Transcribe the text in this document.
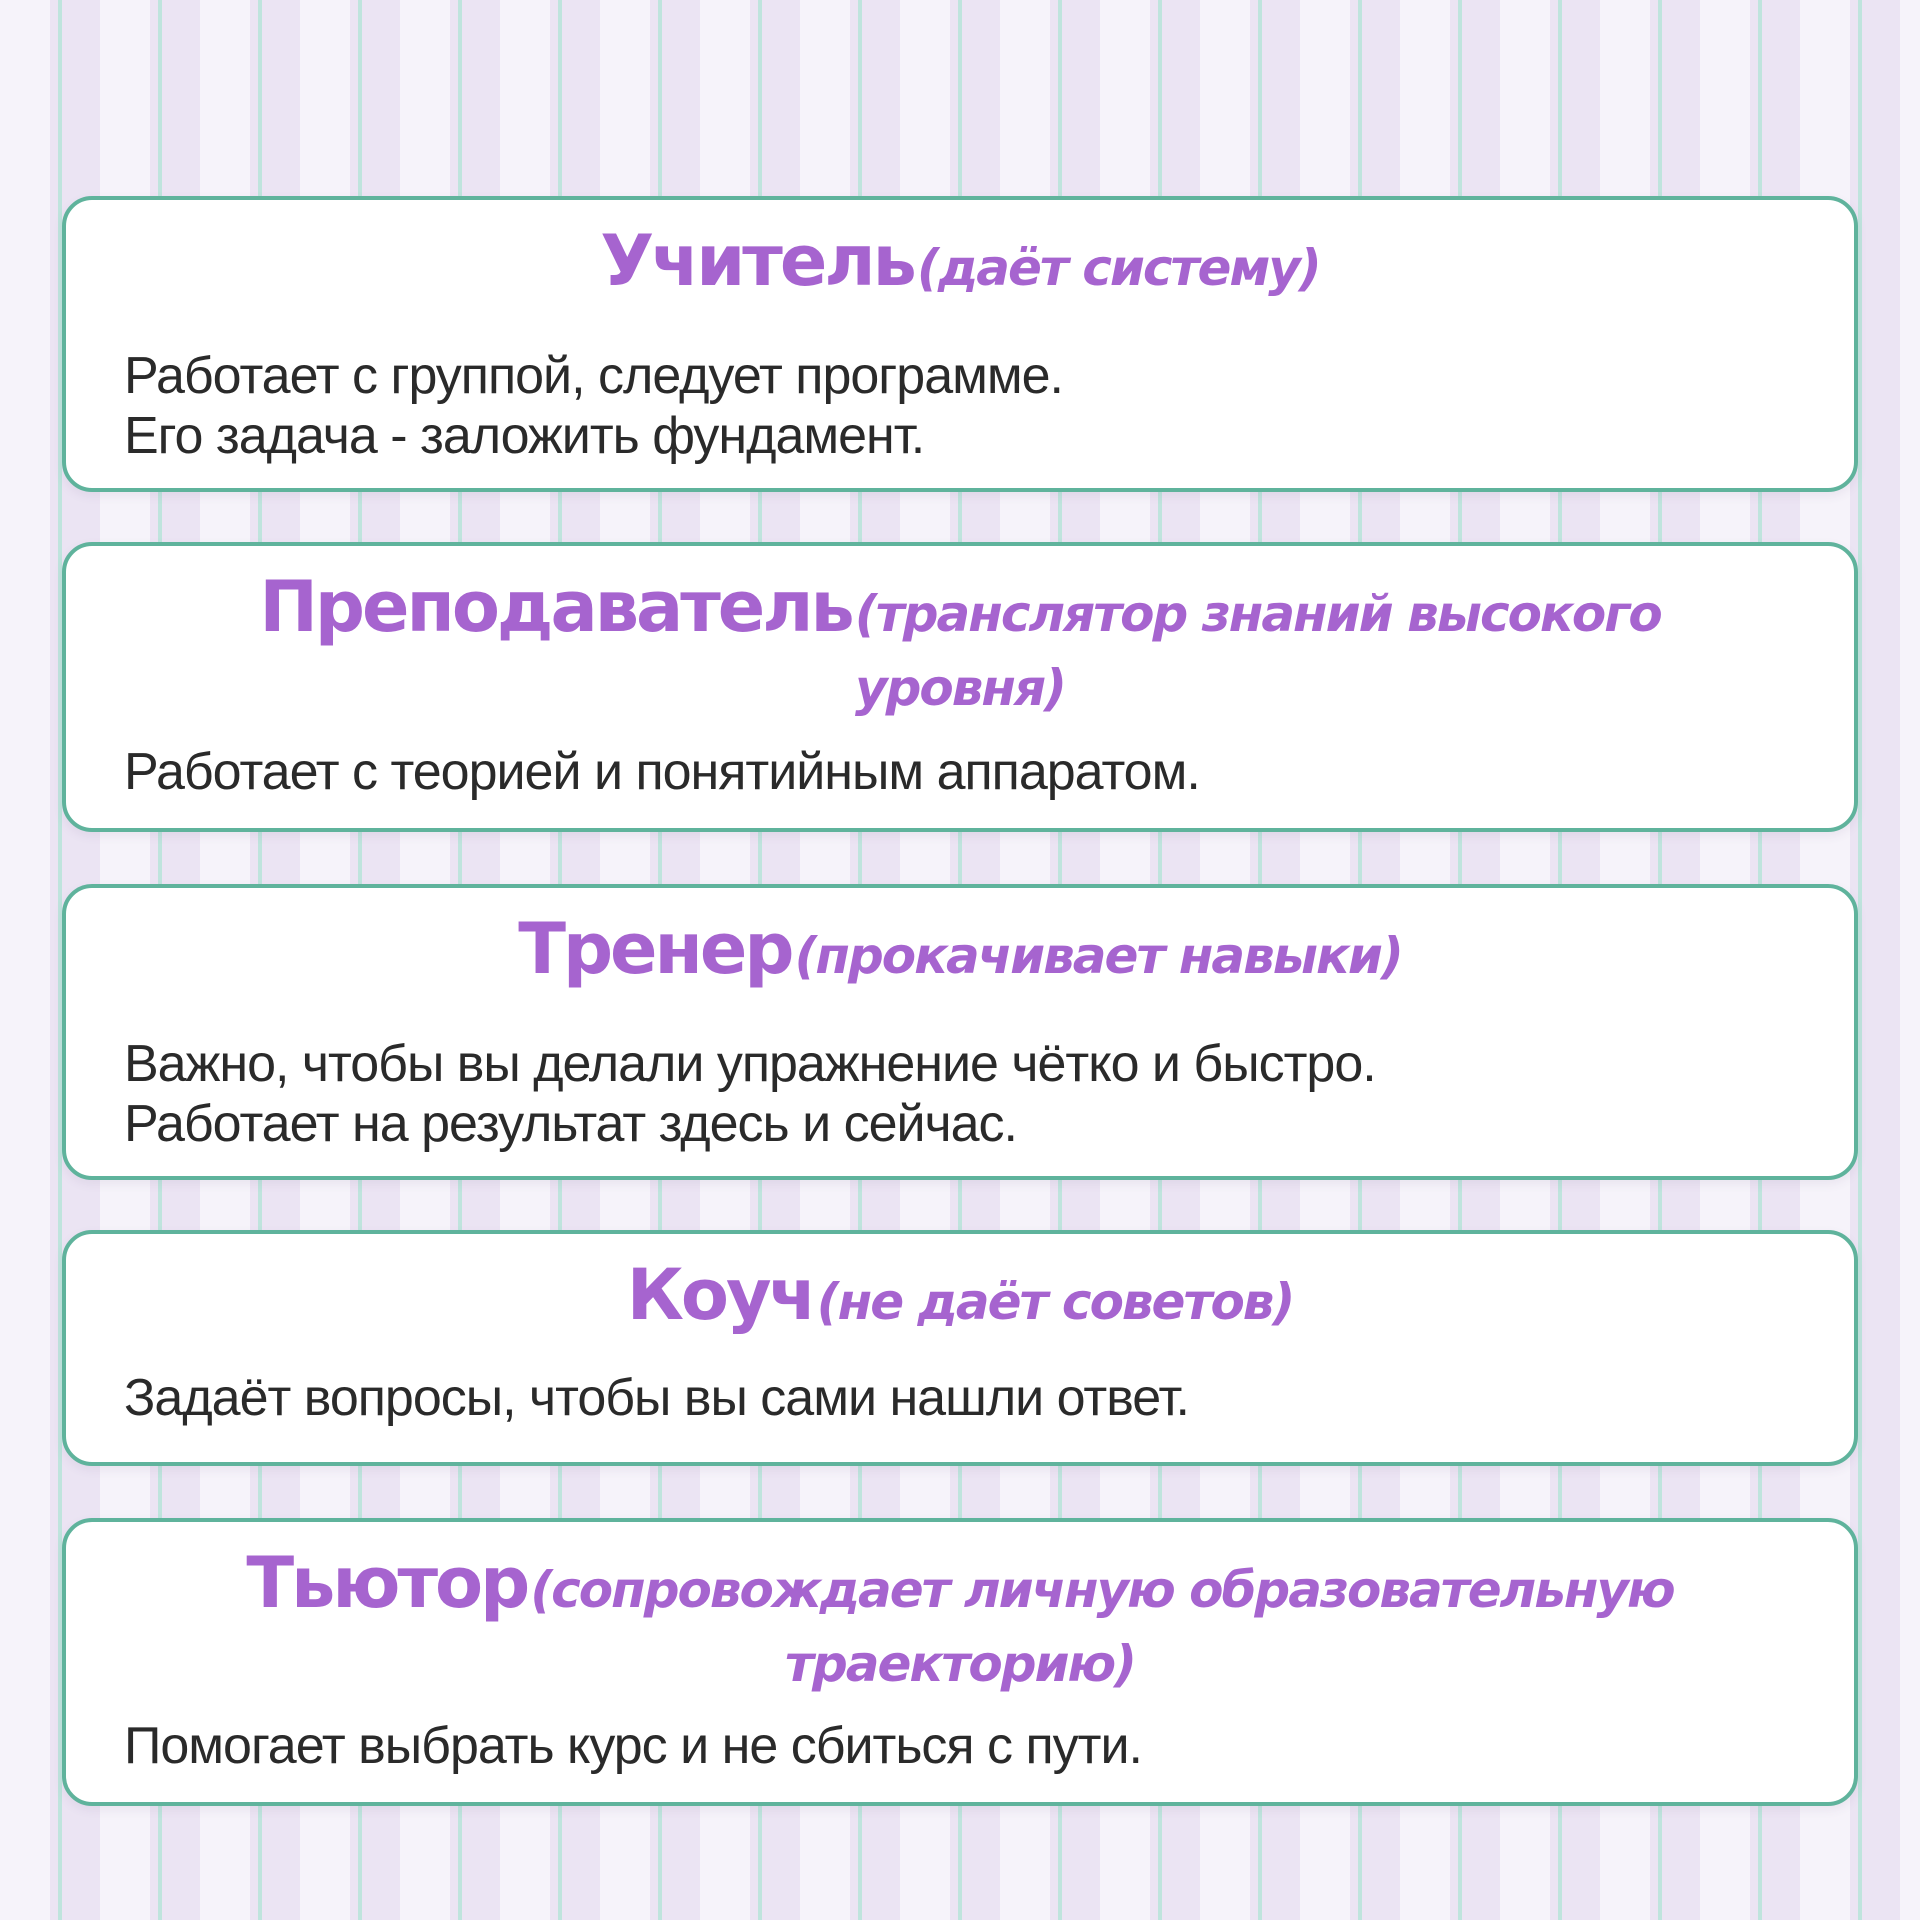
Учитель (даёт систему)

Работает с группой, следует программе.
Его задача - заложить фундамент.

Преподаватель (транслятор знаний высокого уровня)

Работает с теорией и понятийным аппаратом.

Тренер (прокачивает навыки)

Важно, чтобы вы делали упражнение чётко и быстро.
Работает на результат здесь и сейчас.

Коуч (не даёт советов)

Задаёт вопросы, чтобы вы сами нашли ответ.

Тьютор (сопровождает личную образовательную траекторию)

Помогает выбрать курс и не сбиться с пути.
